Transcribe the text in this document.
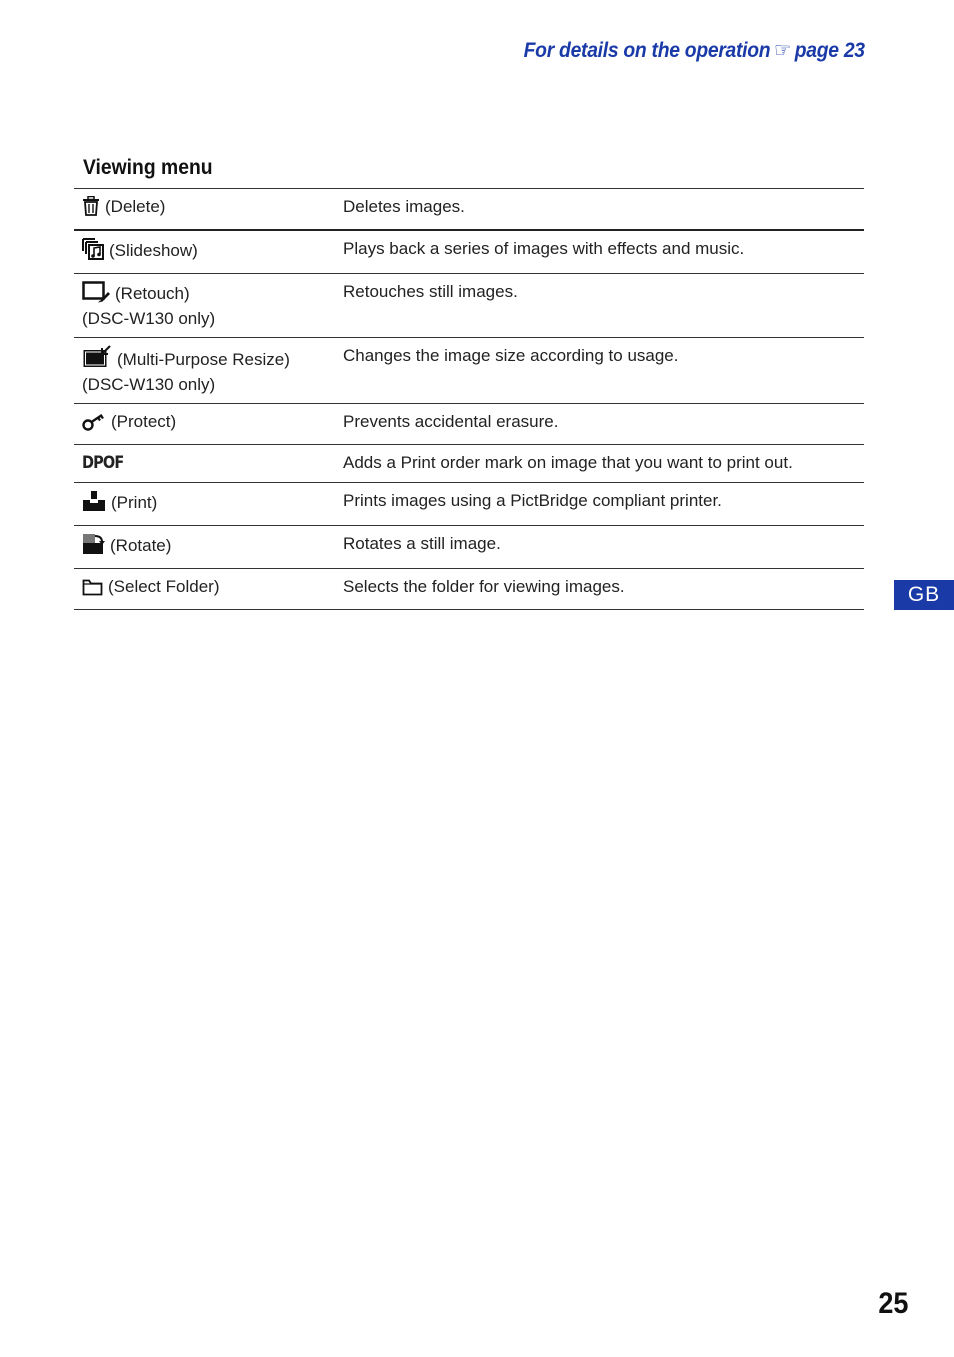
For details on the operation ☞ page 23
Viewing menu
(Delete)	Deletes images.
(Slideshow)	Plays back a series of images with effects and music.
(Retouch)
(DSC-W130 only)	Retouches still images.
(Multi-Purpose Resize)
(DSC-W130 only)	Changes the image size according to usage.
(Protect)	Prevents accidental erasure.
DPOF	Adds a Print order mark on image that you want to print out.
(Print)	Prints images using a PictBridge compliant printer.
(Rotate)	Rotates a still image.
(Select Folder)	Selects the folder for viewing images.	GB
25
